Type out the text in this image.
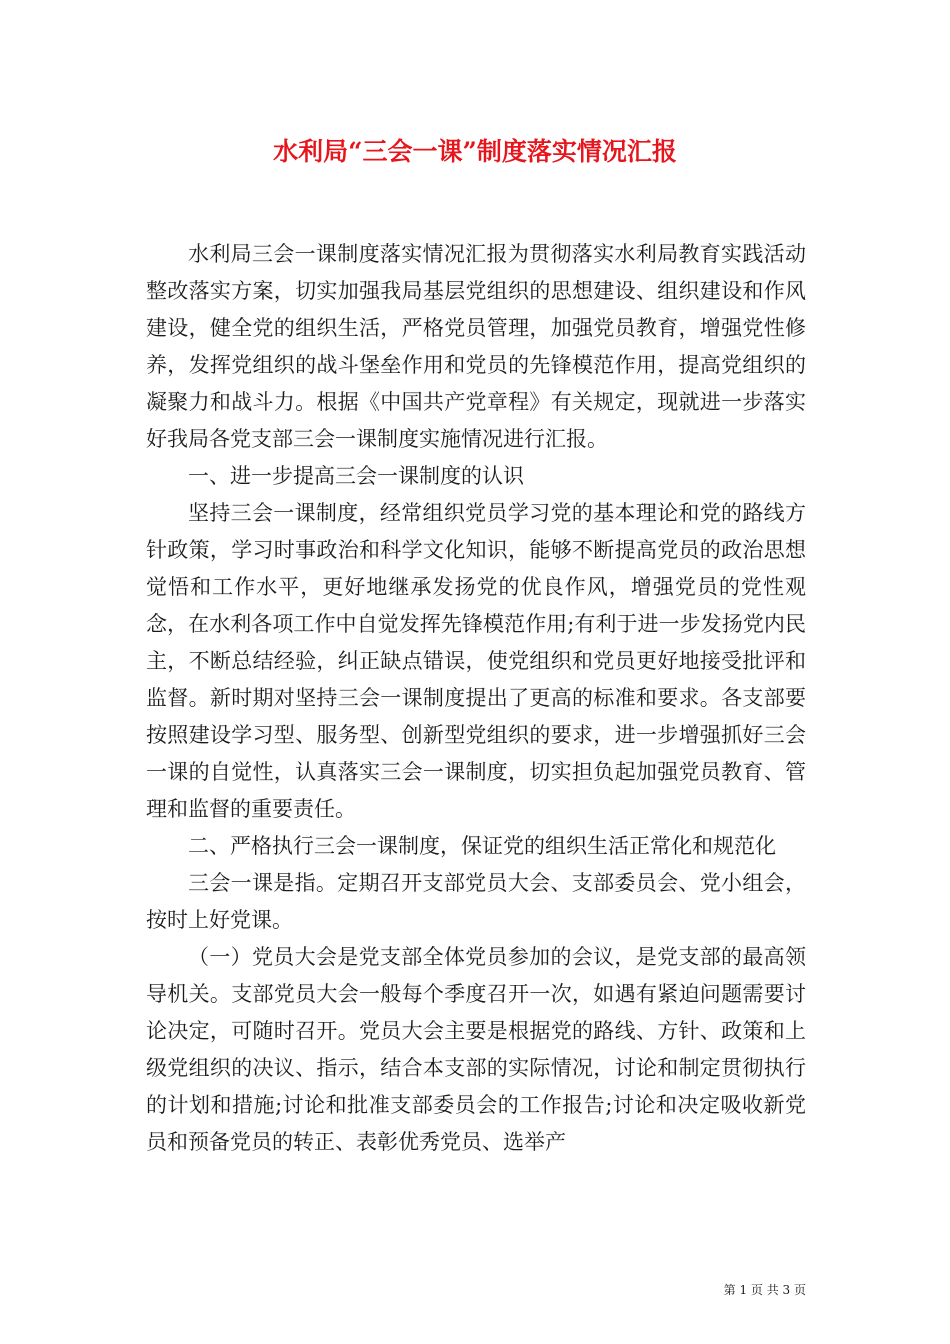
水利局“三会一课”制度落实情况汇报

水利局三会一课制度落实情况汇报为贯彻落实水利局教育实践活动整改落实方案，切实加强我局基层党组织的思想建设、组织建设和作风建设，健全党的组织生活，严格党员管理，加强党员教育，增强党性修养，发挥党组织的战斗堡垒作用和党员的先锋模范作用，提高党组织的凝聚力和战斗力。根据《中国共产党章程》有关规定，现就进一步落实好我局各党支部三会一课制度实施情况进行汇报。

一、进一步提高三会一课制度的认识

坚持三会一课制度，经常组织党员学习党的基本理论和党的路线方针政策，学习时事政治和科学文化知识，能够不断提高党员的政治思想觉悟和工作水平，更好地继承发扬党的优良作风，增强党员的党性观念，在水利各项工作中自觉发挥先锋模范作用;有利于进一步发扬党内民主，不断总结经验，纠正缺点错误，使党组织和党员更好地接受批评和监督。新时期对坚持三会一课制度提出了更高的标准和要求。各支部要按照建设学习型、服务型、创新型党组织的要求，进一步增强抓好三会一课的自觉性，认真落实三会一课制度，切实担负起加强党员教育、管理和监督的重要责任。

二、严格执行三会一课制度，保证党的组织生活正常化和规范化

三会一课是指。定期召开支部党员大会、支部委员会、党小组会，按时上好党课。

（一）党员大会是党支部全体党员参加的会议，是党支部的最高领导机关。支部党员大会一般每个季度召开一次，如遇有紧迫问题需要讨论决定，可随时召开。党员大会主要是根据党的路线、方针、政策和上级党组织的决议、指示，结合本支部的实际情况，讨论和制定贯彻执行的计划和措施;讨论和批准支部委员会的工作报告;讨论和决定吸收新党员和预备党员的转正、表彰优秀党员、选举产

第 1 页 共 3 页
